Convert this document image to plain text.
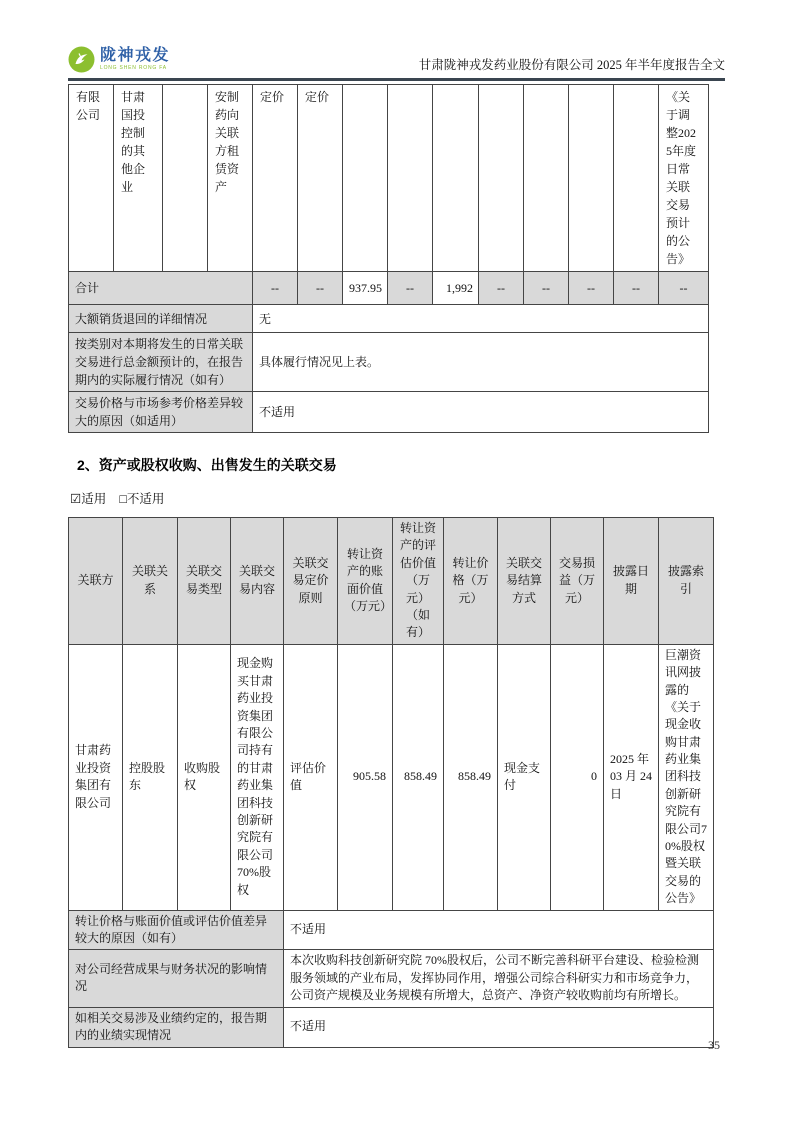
陇神戎发
LONG SHEN RONG FA	甘肃陇神戎发药业股份有限公司 2025 年半年度报告全文
有限公司	甘肃国投控制的其他企业		安制药向关联方租赁资产	定价	定价								《关于调整2025年度日常关联交易预计的公告》
合计				--	--	937.95	--	1,992	--	--	--	--	--
大额销货退回的详细情况				无									
按类别对本期将发生的日常关联交易进行总金额预计的，在报告期内的实际履行情况（如有）				具体履行情况见上表。									
交易价格与市场参考价格差异较大的原因（如适用）				不适用									
2、资产或股权收购、出售发生的关联交易
☑适用 □不适用
关联方	关联关系	关联交易类型	关联交易内容	关联交易定价原则	转让资产的账面价值（万元）	转让资产的评估价值（万元）（如有）	转让价格（万元）	关联交易结算方式	交易损益（万元）	披露日期	披露索引
甘肃药业投资集团有限公司	控股股东	收购股权	现金购买甘肃药业投资集团有限公司持有的甘肃药业集团科技创新研究院有限公司70%股权	评估价值	905.58	858.49	858.49	现金支付	0	2025 年 03 月 24 日	巨潮资讯网披露的《关于现金收购甘肃药业集团科技创新研究院有限公司70%股权暨关联交易的公告》
转让价格与账面价值或评估价值差异较大的原因（如有）				不适用							
对公司经营成果与财务状况的影响情况				本次收购科技创新研究院 70%股权后，公司不断完善科研平台建设、检验检测服务领域的产业布局，发挥协同作用，增强公司综合科研实力和市场竞争力，公司资产规模及业务规模有所增大，总资产、净资产较收购前均有所增长。							
如相关交易涉及业绩约定的，报告期内的业绩实现情况				不适用							
35
